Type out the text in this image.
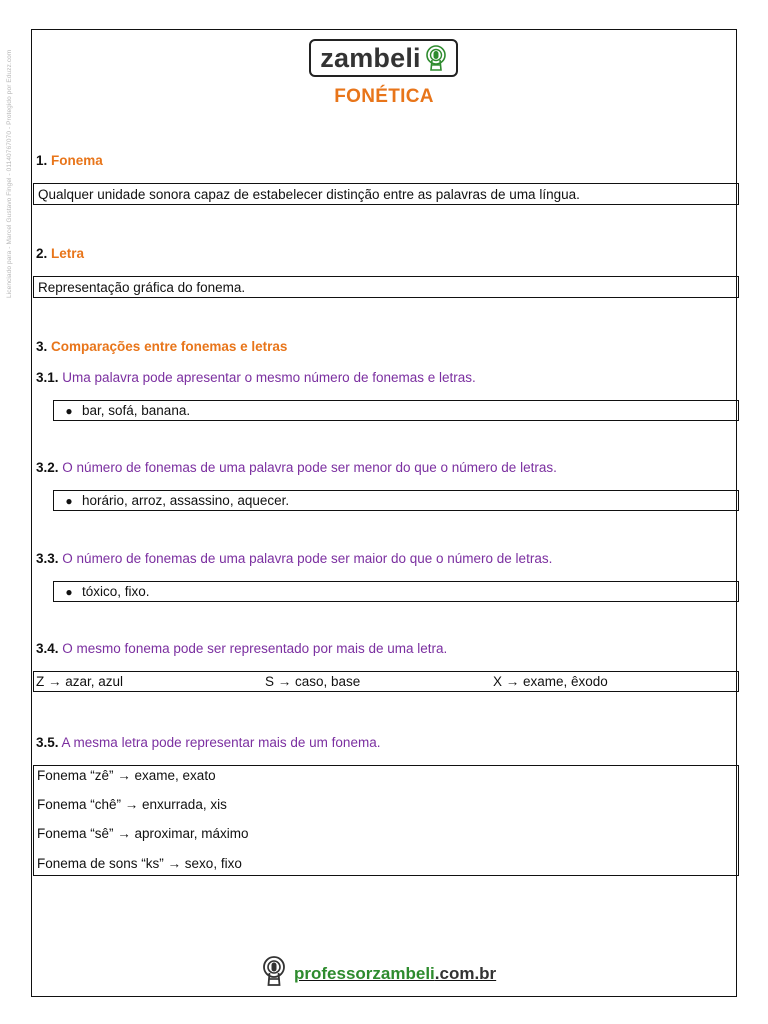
Licenciado para - Marcel Gustavo Fingel - 01140767070 - Protegido por Eduzz.com	zambeli
FONÉTICA
1. Fonema
Qualquer unidade sonora capaz de estabelecer distinção entre as palavras de uma língua.
2. Letra
Representação gráfica do fonema.
3. Comparações entre fonemas e letras
3.1. Uma palavra pode apresentar o mesmo número de fonemas e letras.
● bar, sofá, banana.
3.2. O número de fonemas de uma palavra pode ser menor do que o número de letras.
● horário, arroz, assassino, aquecer.
3.3. O número de fonemas de uma palavra pode ser maior do que o número de letras.
● tóxico, fixo.
3.4. O mesmo fonema pode ser representado por mais de uma letra.
Z → azar, azul	S → caso, base	X → exame, êxodo
3.5. A mesma letra pode representar mais de um fonema.
Fonema “zê” → exame, exato
Fonema “chê” → enxurrada, xis
Fonema “sê” → aproximar, máximo
Fonema de sons “ks” → sexo, fixo
professorzambeli.com.br
